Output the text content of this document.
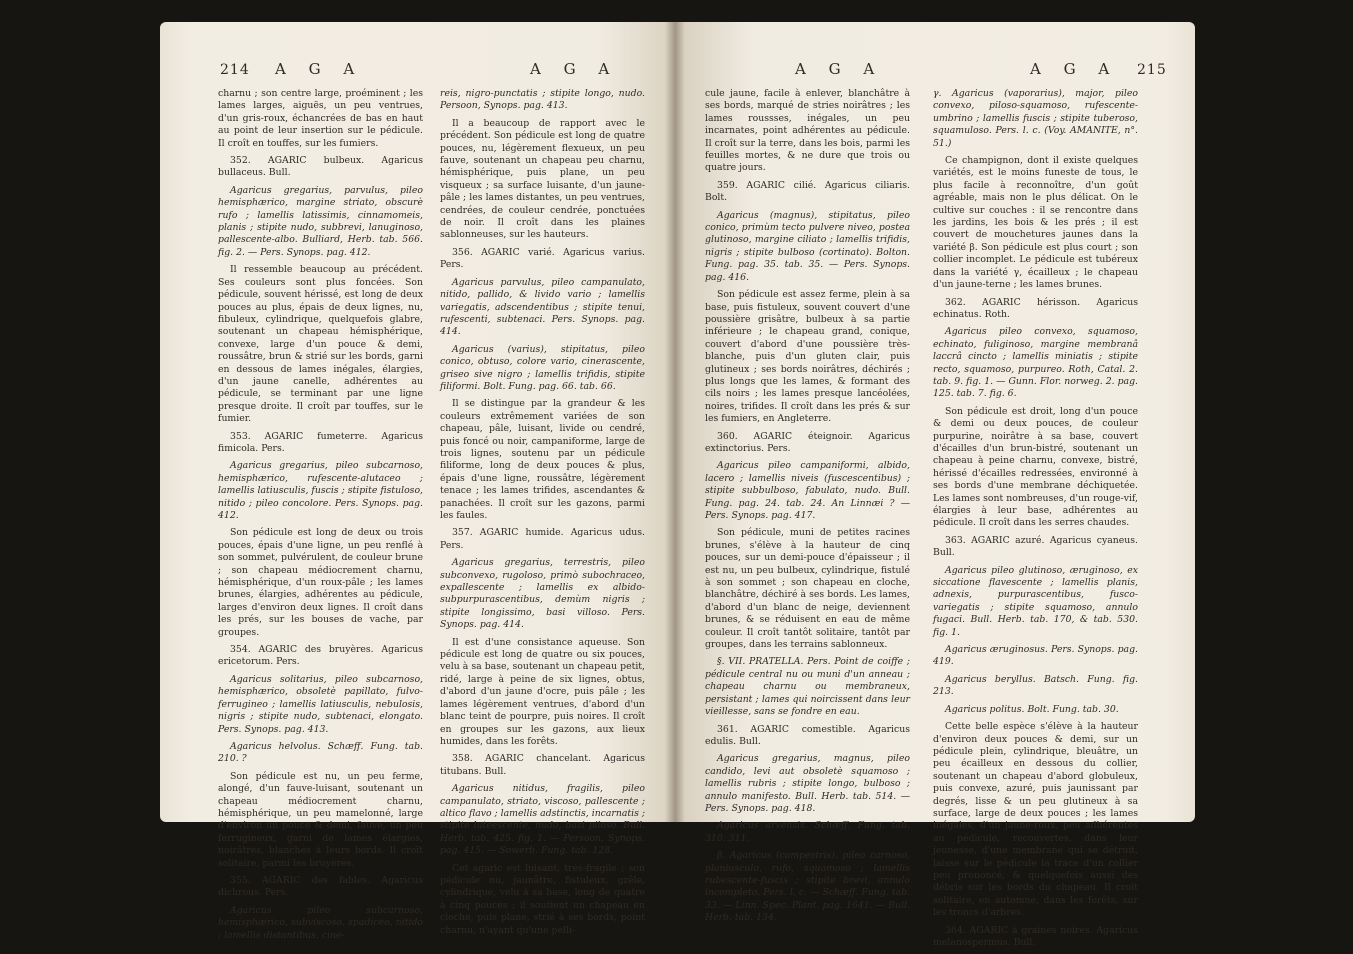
214 A G A	A G A

charnu ; son centre large, proéminent ; les lames larges, aiguës, un peu ventrues, d'un gris-roux, échancrées de bas en haut au point de leur insertion sur le pédicule. Il croît en touffes, sur les fumiers.

352. AGARIC bulbeux. Agaricus bullaceus. Bull.

Agaricus gregarius, parvulus, pileo hemisphærico, margine striato, obscurè rufo ; lamellis latissimis, cinnamomeis, planis ; stipite nudo, subbrevi, lanuginoso, pallescente-albo. Bulliard, Herb. tab. 566. fig. 2. — Pers. Synops. pag. 412.

Il ressemble beaucoup au précédent. Ses couleurs sont plus foncées. Son pédicule, souvent hérissé, est long de deux pouces au plus, épais de deux lignes, nu, fibuleux, cylindrique, quelquefois glabre, soutenant un chapeau hémisphérique, convexe, large d'un pouce & demi, roussâtre, brun & strié sur les bords, garni en dessous de lames inégales, élargies, d'un jaune canelle, adhérentes au pédicule, se terminant par une ligne presque droite. Il croît par touffes, sur le fumier.

353. AGARIC fumeterre. Agaricus fimicola. Pers.

Agaricus gregarius, pileo subcarnoso, hemisphærico, rufescente-alutaceo ; lamellis latiusculis, fuscis ; stipite fistuloso, nitido ; pileo concolore. Pers. Synops. pag. 412.

Son pédicule est long de deux ou trois pouces, épais d'une ligne, un peu renflé à son sommet, pulvérulent, de couleur brune ; son chapeau médiocrement charnu, hémisphérique, d'un roux-pâle ; les lames brunes, élargies, adhérentes au pédicule, larges d'environ deux lignes. Il croît dans les prés, sur les bouses de vache, par groupes.

354. AGARIC des bruyères. Agaricus ericetorum. Pers.

Agaricus solitarius, pileo subcarnoso, hemisphærico, obsoletè papillato, fulvo-ferrugineo ; lamellis latiusculis, nebulosis, nigris ; stipite nudo, subtenaci, elongato. Pers. Synops. pag. 413.

Agaricus helvolus. Schæff. Fung. tab. 210. ?

Son pédicule est nu, un peu ferme, alongé, d'un fauve-luisant, soutenant un chapeau médiocrement charnu, hémisphérique, un peu mamelonné, large d'environ un pouce & demi, fauve, un peu ferrugineux, garni de lames élargies, noirâtres, blanches à leurs bords. Il croît solitaire, parmi les bruyères.

355. AGARIC des fables. Agaricus dichrous. Pers.

Agaricus pileo subcarnoso, hemisphærico, subviscoso, spadiceo, nitido ; lamellis distantibus, cine-

reis, nigro-punctatis ; stipite longo, nudo. Persoon, Synops. pag. 413.

Il a beaucoup de rapport avec le précédent. Son pédicule est long de quatre pouces, nu, légèrement flexueux, un peu fauve, soutenant un chapeau peu charnu, hémisphérique, puis plane, un peu visqueux ; sa surface luisante, d'un jaune-pâle ; les lames distantes, un peu ventrues, cendrées, de couleur cendrée, ponctuées de noir. Il croît dans les plaines sablonneuses, sur les hauteurs.

356. AGARIC varié. Agaricus varius. Pers.

Agaricus parvulus, pileo campanulato, nitido, pallido, & livido vario ; lamellis variegatis, adscendentibus ; stipite tenui, rufescenti, subtenaci. Pers. Synops. pag. 414.

Agaricus (varius), stipitatus, pileo conico, obtuso, colore vario, cinerascente, griseo sive nigro ; lamellis trifidis, stipite filiformi. Bolt. Fung. pag. 66. tab. 66.

Il se distingue par la grandeur & les couleurs extrêmement variées de son chapeau, pâle, luisant, livide ou cendré, puis foncé ou noir, campaniforme, large de trois lignes, soutenu par un pédicule filiforme, long de deux pouces & plus, épais d'une ligne, roussâtre, légèrement tenace ; les lames trifides, ascendantes & panachées. Il croît sur les gazons, parmi les faules.

357. AGARIC humide. Agaricus udus. Pers.

Agaricus gregarius, terrestris, pileo subconvexo, rugoloso, primò subochraceo, expallescente ; lamellis ex albido-subpurpurascentibus, demùm nigris ; stipite longissimo, basi villoso. Pers. Synops. pag. 414.

Il est d'une consistance aqueuse. Son pédicule est long de quatre ou six pouces, velu à sa base, soutenant un chapeau petit, ridé, large à peine de six lignes, obtus, d'abord d'un jaune d'ocre, puis pâle ; les lames légèrement ventrues, d'abord d'un blanc teint de pourpre, puis noires. Il croît en groupes sur les gazons, aux lieux humides, dans les forêts.

358. AGARIC chancelant. Agaricus titubans. Bull.

Agaricus nitidus, fragilis, pileo campanulato, striato, viscoso, pallescente ; altico flavo ; lamellis adstinctis, incarnatis ; stipite luteescente, nudo, basi piloso. Bull. Herb. tab. 425. fig. 1. — Persoon, Synops. pag. 415. — Sowerb. Fung. tab. 128.

Cet agaric est luisant, très-fragile ; son pédicule nu, jaunâtre, fistuleux, grêle, cylindrique, velu à sa base, long de quatre à cinq pouces ; il soutient un chapeau en cloche, puis plane, strié à ses bords, point charnu, n'ayant qu'une pelli-

A G A	A G A 215

cule jaune, facile à enlever, blanchâtre à ses bords, marqué de stries noirâtres ; les lames roussses, inégales, un peu incarnates, point adhérentes au pédicule. Il croît sur la terre, dans les bois, parmi les feuilles mortes, & ne dure que trois ou quatre jours.

359. AGARIC cilié. Agaricus ciliaris. Bolt.

Agaricus (magnus), stipitatus, pileo conico, primùm tecto pulvere niveo, postea glutinoso, margine ciliato ; lamellis trifidis, nigris ; stipite bulboso (cortinato). Bolton. Fung. pag. 35. tab. 35. — Pers. Synops. pag. 416.

Son pédicule est assez ferme, plein à sa base, puis fistuleux, souvent couvert d'une poussière grisâtre, bulbeux à sa partie inférieure ; le chapeau grand, conique, couvert d'abord d'une poussière très-blanche, puis d'un gluten clair, puis glutineux ; ses bords noirâtres, déchirés ; plus longs que les lames, & formant des cils noirs ; les lames presque lancéolées, noires, trifides. Il croît dans les prés & sur les fumiers, en Angleterre.

360. AGARIC éteignoir. Agaricus extinctorius. Pers.

Agaricus pileo campaniformi, albido, lacero ; lamellis niveis (fuscescentibus) ; stipite subbulboso, fabulato, nudo. Bull. Fung. pag. 24. tab. 24. An Linnæi ? — Pers. Synops. pag. 417.

Son pédicule, muni de petites racines brunes, s'élève à la hauteur de cinq pouces, sur un demi-pouce d'épaisseur ; il est nu, un peu bulbeux, cylindrique, fistulé à son sommet ; son chapeau en cloche, blanchâtre, déchiré à ses bords. Les lames, d'abord d'un blanc de neige, deviennent brunes, & se réduisent en eau de même couleur. Il croît tantôt solitaire, tantôt par groupes, dans les terrains sablonneux.

§. VII. PRATELLA. Pers. Point de coiffe ; pédicule central nu ou muni d'un anneau ; chapeau charnu ou membraneux, persistant ; lames qui noircissent dans leur vieillesse, sans se fondre en eau.

361. AGARIC comestible. Agaricus edulis. Bull.

Agaricus gregarius, magnus, pileo candido, levi aut obsoletè squamoso ; lamellis rubris ; stipite longo, bulboso ; annulo manifesto. Bull. Herb. tab. 514. — Pers. Synops. pag. 418.

Agaricus arvensis. Schæff. Fung. tab. 310. 311.

β. Agaricus (campestris), pileo carnoso, planiusculo, rufo, squamoso ; lamellis rubescente-fuscis ; stipite brevi, annulo incompleto. Pers. l. c. — Schæff. Fung. tab. 33. — Linn. Spec. Plant. pag. 1641. — Bull. Herb. tab. 134.

γ. Agaricus (vaporarius), major, pileo convexo, piloso-squamoso, rufescente-umbrino ; lamellis fuscis ; stipite tuberoso, squamuloso. Pers. l. c. (Voy. AMANITE, n°. 51.)

Ce champignon, dont il existe quelques variétés, est le moins funeste de tous, le plus facile à reconnoître, d'un goût agréable, mais non le plus délicat. On le cultive sur couches : il se rencontre dans les jardins, les bois & les prés ; il est couvert de mouchetures jaunes dans la variété β. Son pédicule est plus court ; son collier incomplet. Le pédicule est tubéreux dans la variété γ, écailleux ; le chapeau d'un jaune-terne ; les lames brunes.

362. AGARIC hérisson. Agaricus echinatus. Roth.

Agaricus pileo convexo, squamoso, echinato, fuliginoso, margine membranâ laccrâ cincto ; lamellis miniatis ; stipite recto, squamoso, purpureo. Roth, Catal. 2. tab. 9. fig. 1. — Gunn. Flor. norweg. 2. pag. 125. tab. 7. fig. 6.

Son pédicule est droit, long d'un pouce & demi ou deux pouces, de couleur purpurine, noirâtre à sa base, couvert d'écailles d'un brun-bistré, soutenant un chapeau à peine charnu, convexe, bistré, hérissé d'écailles redressées, environné à ses bords d'une membrane déchiquetée. Les lames sont nombreuses, d'un rouge-vif, élargies à leur base, adhérentes au pédicule. Il croît dans les serres chaudes.

363. AGARIC azuré. Agaricus cyaneus. Bull.

Agaricus pileo glutinoso, æruginoso, ex siccatione flavescente ; lamellis planis, adnexis, purpurascentibus, fusco-variegatis ; stipite squamoso, annulo fugaci. Bull. Herb. tab. 170, & tab. 530. fig. 1.

Agaricus æruginosus. Pers. Synops. pag. 419.

Agaricus beryllus. Batsch. Fung. fig. 213.

Agaricus politus. Bolt. Fung. tab. 30.

Cette belle espèce s'élève à la hauteur d'environ deux pouces & demi, sur un pédicule plein, cylindrique, bleuâtre, un peu écailleux en dessous du collier, soutenant un chapeau d'abord globuleux, puis convexe, azuré, puis jaunissant par degrés, lisse & un peu glutineux à sa surface, large de deux pouces ; les lames inégales, d'un jaune-roux, peu adhérentes au pédicule, recouvertes, dans leur jeunesse, d'une membrane qui se détruit, laisse sur le pédicule la trace d'un collier peu prononcé, & quelquefois aussi des débris sur les bords du chapeau. Il croît solitaire, en automne, dans les forêts, sur les troncs d'arbres.

364. AGARIC à graines noires. Agaricus melanospermus. Bull.
